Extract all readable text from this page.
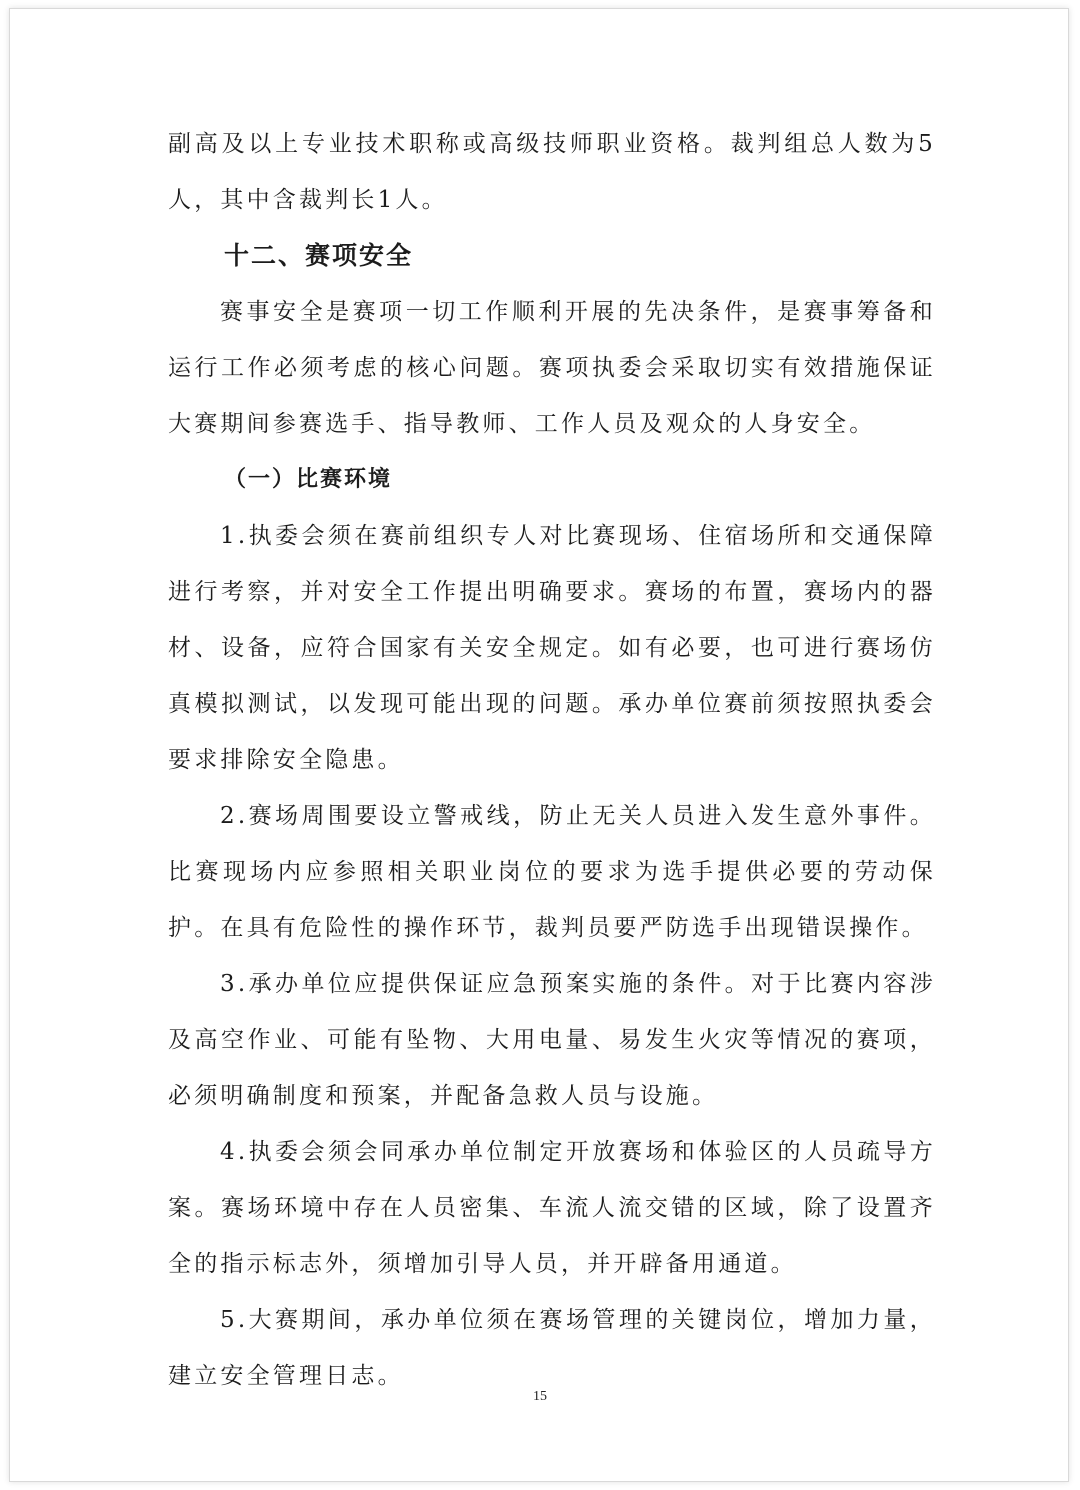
副高及以上专业技术职称或高级技师职业资格。裁判组总人数为5人，其中含裁判长1人。

十二、赛项安全

赛事安全是赛项一切工作顺利开展的先决条件，是赛事筹备和运行工作必须考虑的核心问题。赛项执委会采取切实有效措施保证大赛期间参赛选手、指导教师、工作人员及观众的人身安全。

（一）比赛环境

1.执委会须在赛前组织专人对比赛现场、住宿场所和交通保障进行考察，并对安全工作提出明确要求。赛场的布置，赛场内的器材、设备，应符合国家有关安全规定。如有必要，也可进行赛场仿真模拟测试，以发现可能出现的问题。承办单位赛前须按照执委会要求排除安全隐患。

2.赛场周围要设立警戒线，防止无关人员进入发生意外事件。比赛现场内应参照相关职业岗位的要求为选手提供必要的劳动保护。在具有危险性的操作环节，裁判员要严防选手出现错误操作。

3.承办单位应提供保证应急预案实施的条件。对于比赛内容涉及高空作业、可能有坠物、大用电量、易发生火灾等情况的赛项，必须明确制度和预案，并配备急救人员与设施。

4.执委会须会同承办单位制定开放赛场和体验区的人员疏导方案。赛场环境中存在人员密集、车流人流交错的区域，除了设置齐全的指示标志外，须增加引导人员，并开辟备用通道。

5.大赛期间，承办单位须在赛场管理的关键岗位，增加力量，建立安全管理日志。

15
